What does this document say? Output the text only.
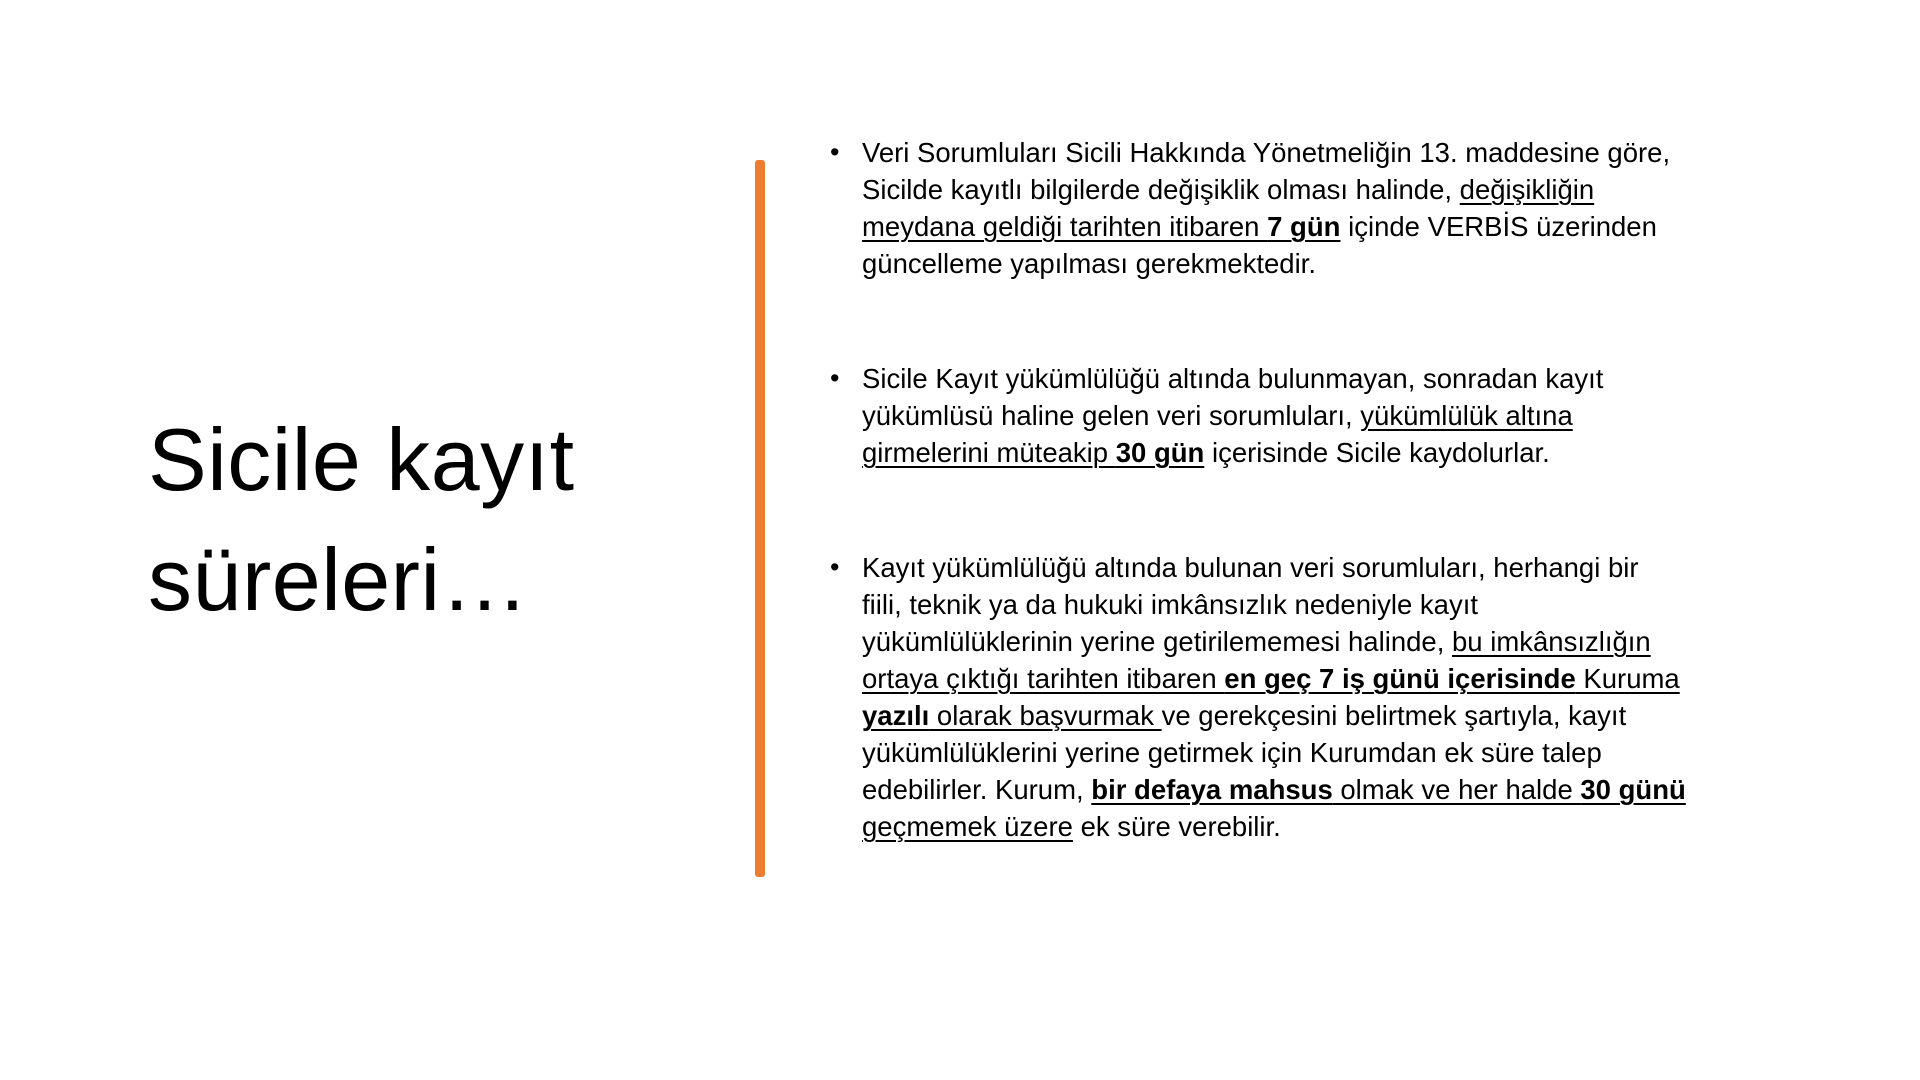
Sicile kayıt
süreleri…
• Veri Sorumluları Sicili Hakkında Yönetmeliğin 13. maddesine göre,
Sicilde kayıtlı bilgilerde değişiklik olması halinde, değişikliğin
meydana geldiği tarihten itibaren 7 gün içinde VERBİS üzerinden
güncelleme yapılması gerekmektedir.
• Sicile Kayıt yükümlülüğü altında bulunmayan, sonradan kayıt
yükümlüsü haline gelen veri sorumluları, yükümlülük altına
girmelerini müteakip 30 gün içerisinde Sicile kaydolurlar.
• Kayıt yükümlülüğü altında bulunan veri sorumluları, herhangi bir
fiili, teknik ya da hukuki imkânsızlık nedeniyle kayıt
yükümlülüklerinin yerine getirilememesi halinde, bu imkânsızlığın
ortaya çıktığı tarihten itibaren en geç 7 iş günü içerisinde Kuruma
yazılı olarak başvurmak ve gerekçesini belirtmek şartıyla, kayıt
yükümlülüklerini yerine getirmek için Kurumdan ek süre talep
edebilirler. Kurum, bir defaya mahsus olmak ve her halde 30 günü
geçmemek üzere ek süre verebilir.
